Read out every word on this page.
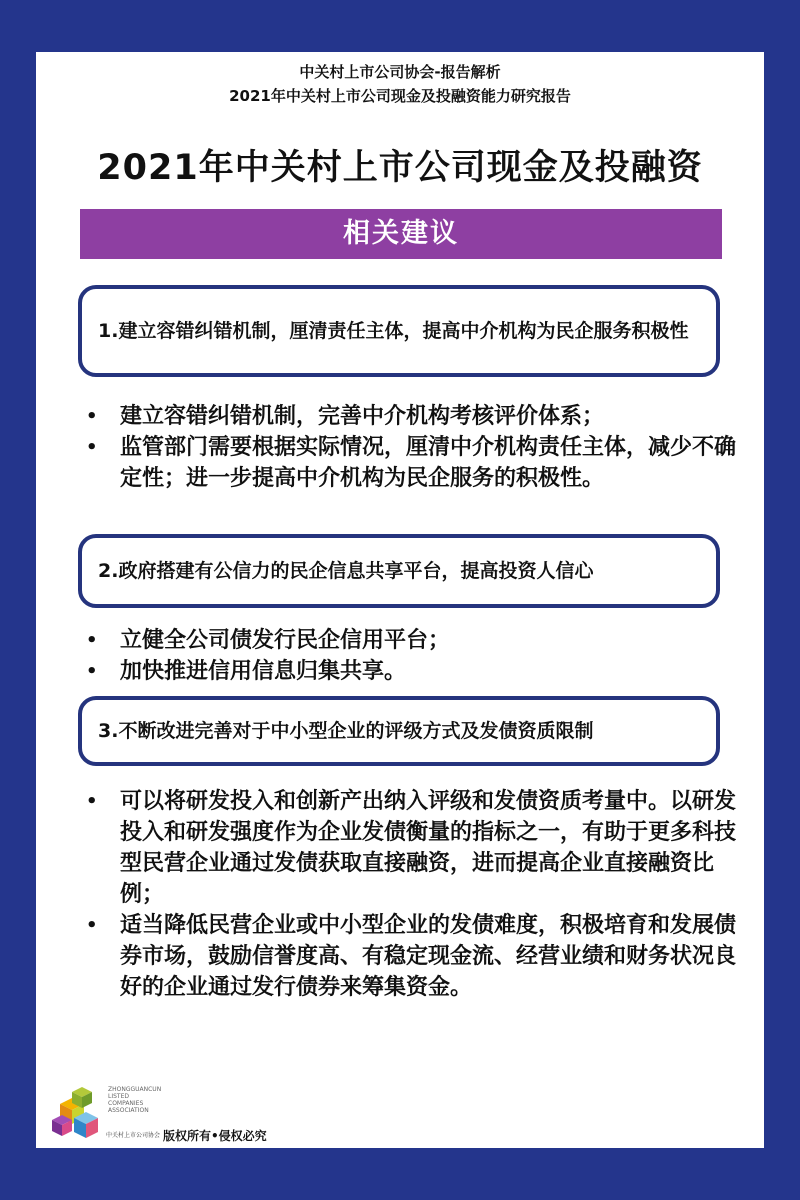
中关村上市公司协会-报告解析
2021年中关村上市公司现金及投融资能力研究报告
2021年中关村上市公司现金及投融资
相关建议
1.建立容错纠错机制，厘清责任主体，提高中介机构为民企服务积极性
• 建立容错纠错机制，完善中介机构考核评价体系；
• 监管部门需要根据实际情况，厘清中介机构责任主体，减少不确定性；进一步提高中介机构为民企服务的积极性。
2.政府搭建有公信力的民企信息共享平台，提高投资人信心
• 立健全公司债发行民企信用平台；
• 加快推进信用信息归集共享。
3.不断改进完善对于中小型企业的评级方式及发债资质限制
• 可以将研发投入和创新产出纳入评级和发债资质考量中。以研发投入和研发强度作为企业发债衡量的指标之一，有助于更多科技型民营企业通过发债获取直接融资，进而提高企业直接融资比例；
• 适当降低民营企业或中小型企业的发债难度，积极培育和发展债券市场，鼓励信誉度高、有稳定现金流、经营业绩和财务状况良好的企业通过发行债券来筹集资金。
ZHONGGUANCUN LISTED COMPANIES ASSOCIATION
中关村上市公司协会 版权所有•侵权必究
